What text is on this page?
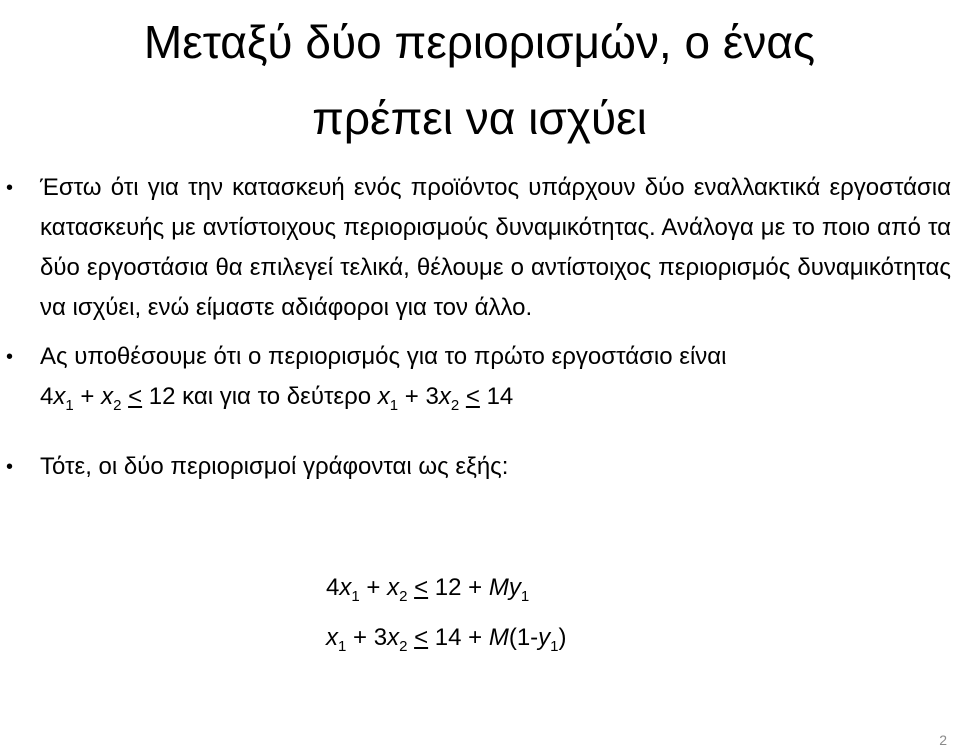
Μεταξύ δύο περιορισμών, ο ένας
πρέπει να ισχύει
• Έστω ότι για την κατασκευή ενός προϊόντος υπάρχουν δύο εναλλακτικά εργοστάσια κατασκευής με αντίστοιχους περιορισμούς δυναμικότητας. Ανάλογα με το ποιο από τα δύο εργοστάσια θα επιλεγεί τελικά, θέλουμε ο αντίστοιχος περιορισμός δυναμικότητας να ισχύει, ενώ είμαστε αδιάφοροι για τον άλλο.
• Ας υποθέσουμε ότι ο περιορισμός για το πρώτο εργοστάσιο είναι
$4x_1 + x_2 \le 12$ και για το δεύτερο $x_1 + 3x_2 \le 14$
• Τότε, οι δύο περιορισμοί γράφονται ως εξής:
$4x_1 + x_2 \le 12 + My_1$
$x_1 + 3x_2 \le 14 + M(1-y_1)$
2
